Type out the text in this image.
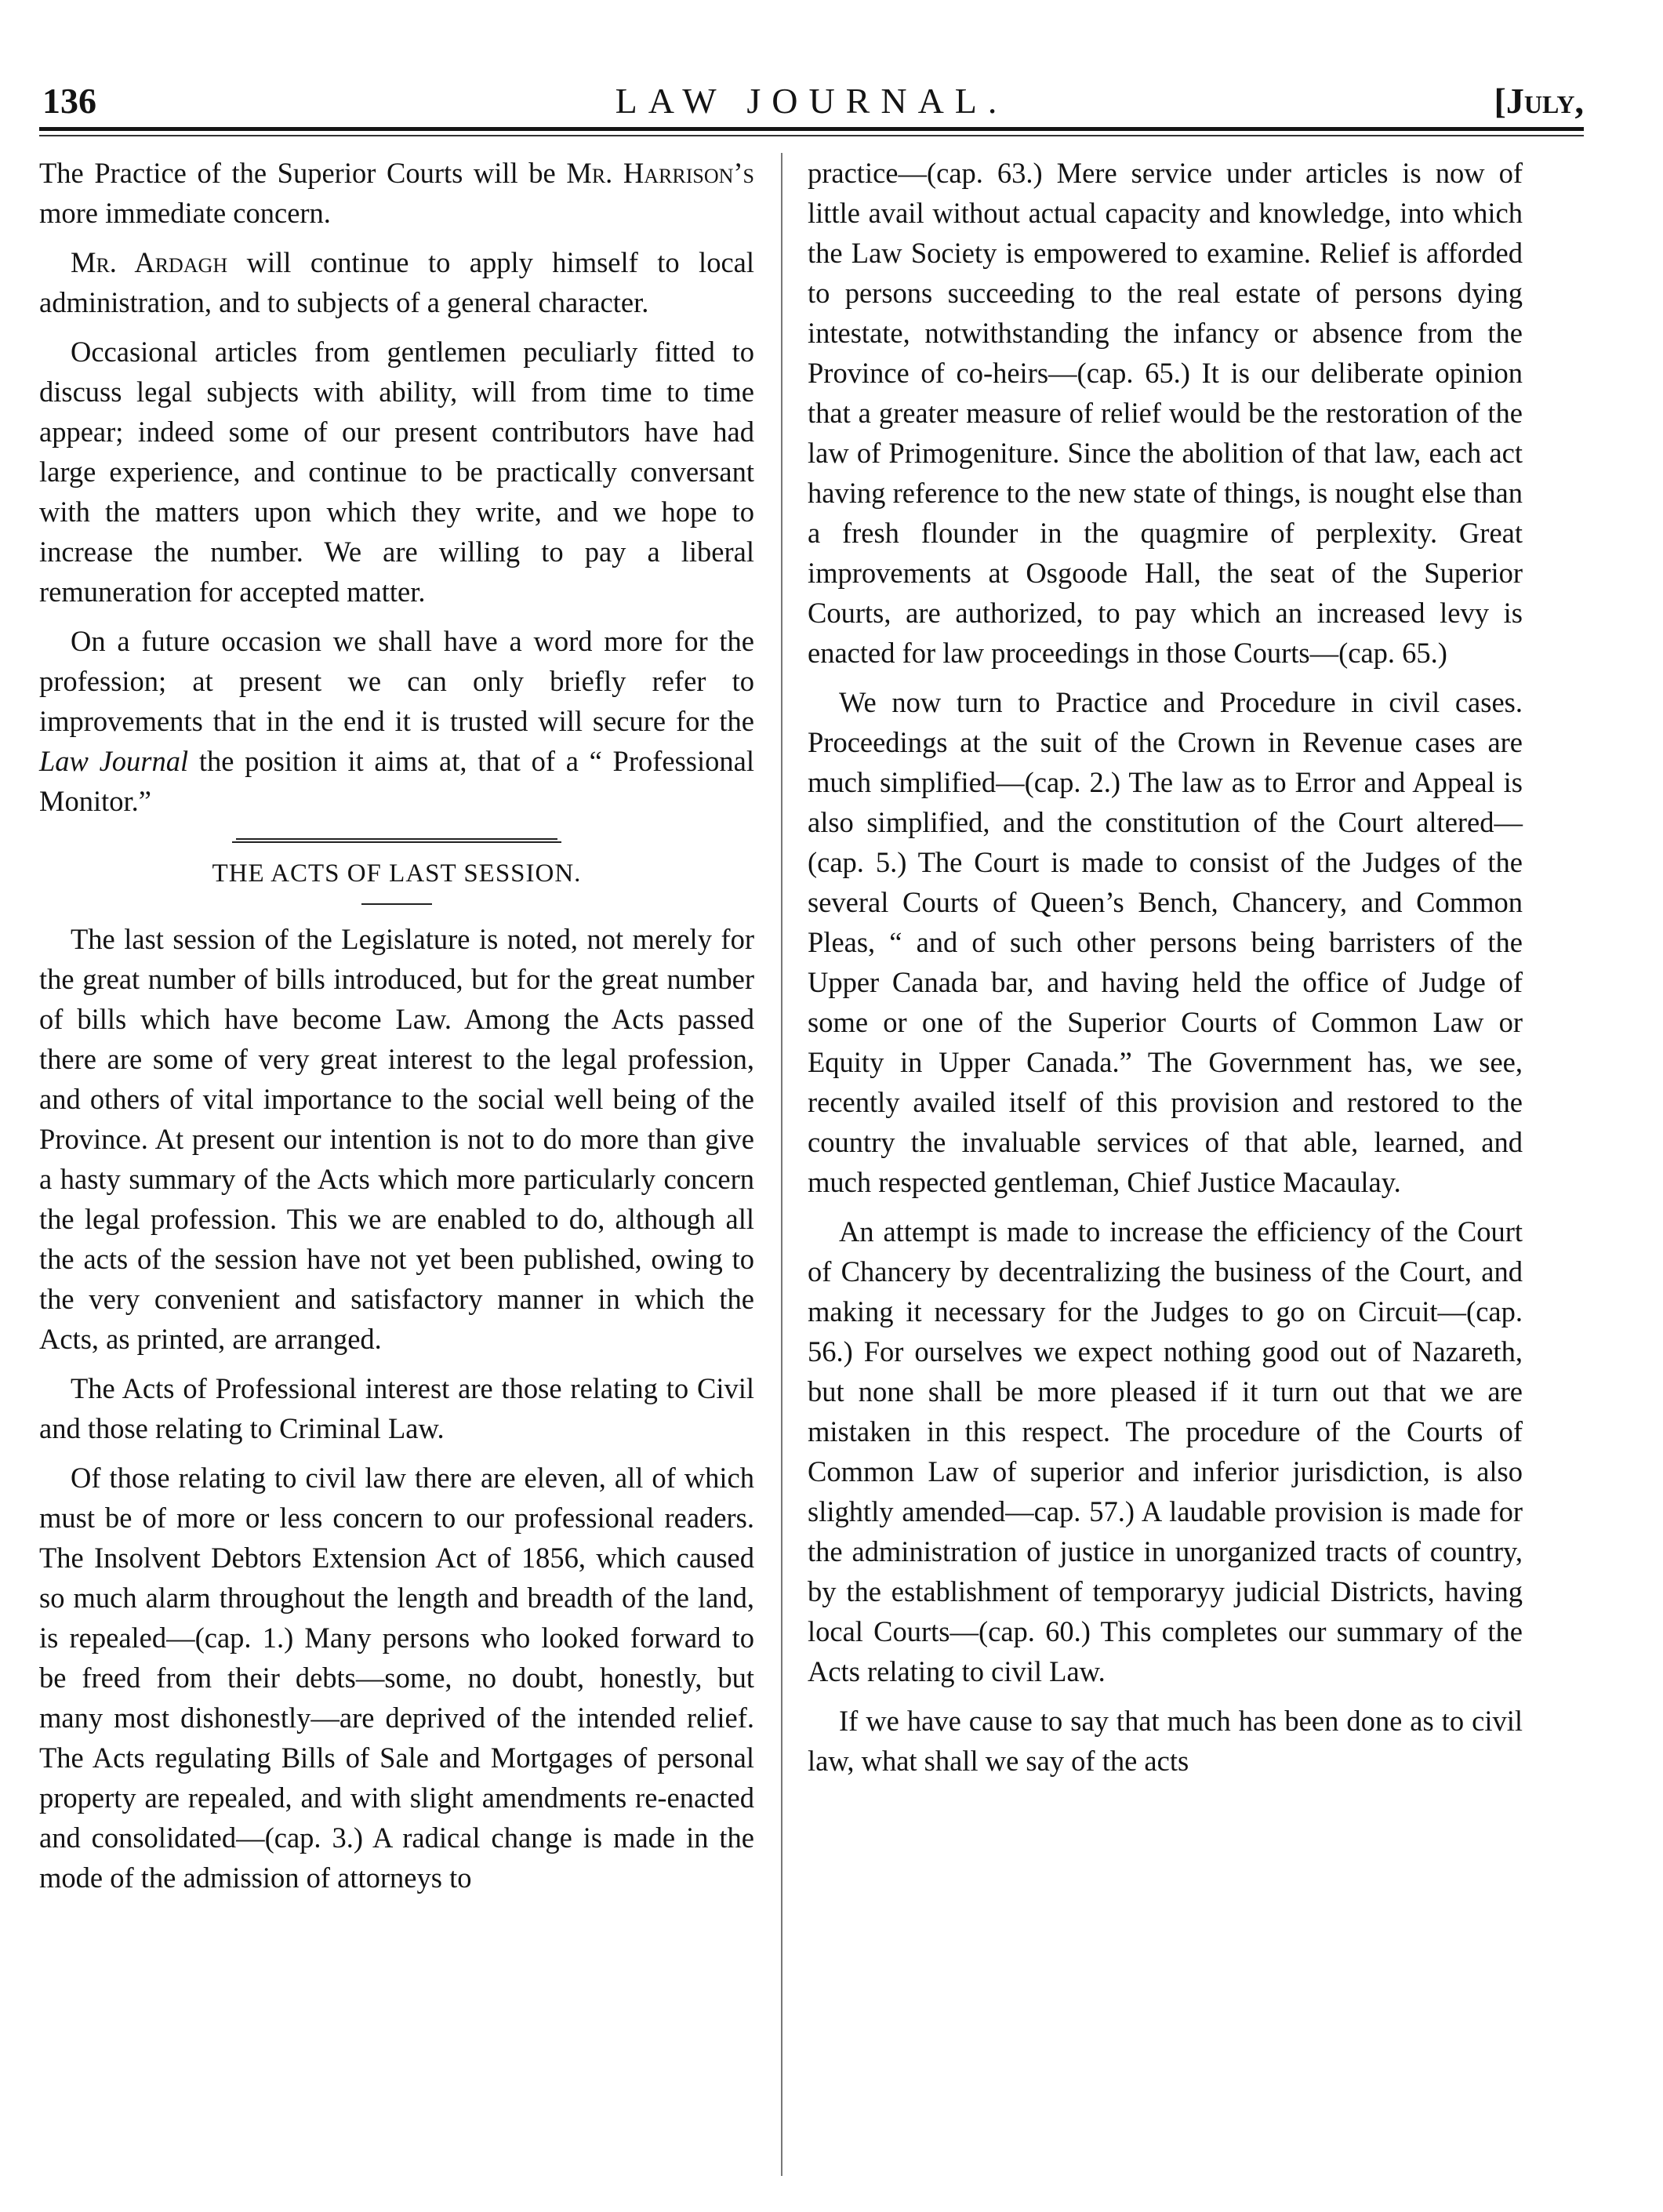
136	LAW JOURNAL.	[July,

The Practice of the Superior Courts will be Mr. Harrison’s more immediate concern.

Mr. Ardagh will continue to apply himself to local administration, and to subjects of a general character.

Occasional articles from gentlemen peculiarly fitted to discuss legal subjects with ability, will from time to time appear; indeed some of our present contributors have had large experience, and continue to be practically conversant with the matters upon which they write, and we hope to increase the number. We are willing to pay a liberal remuneration for accepted matter.

On a future occasion we shall have a word more for the profession; at present we can only briefly refer to improvements that in the end it is trusted will secure for the Law Journal the position it aims at, that of a “ Professional Monitor.”

THE ACTS OF LAST SESSION.

The last session of the Legislature is noted, not merely for the great number of bills introduced, but for the great number of bills which have become Law. Among the Acts passed there are some of very great interest to the legal profession, and others of vital importance to the social well being of the Province. At present our intention is not to do more than give a hasty summary of the Acts which more particularly concern the legal profession. This we are enabled to do, although all the acts of the session have not yet been published, owing to the very convenient and satisfactory manner in which the Acts, as printed, are arranged.

The Acts of Professional interest are those relating to Civil and those relating to Criminal Law.

Of those relating to civil law there are eleven, all of which must be of more or less concern to our professional readers. The Insolvent Debtors Extension Act of 1856, which caused so much alarm throughout the length and breadth of the land, is repealed—(cap. 1.) Many persons who looked forward to be freed from their debts—some, no doubt, honestly, but many most dishonestly—are deprived of the intended relief. The Acts regulating Bills of Sale and Mortgages of personal property are repealed, and with slight amendments re-enacted and consolidated—(cap. 3.) A radical change is made in the mode of the admission of attorneys to

practice—(cap. 63.) Mere service under articles is now of little avail without actual capacity and knowledge, into which the Law Society is empowered to examine. Relief is afforded to persons succeeding to the real estate of persons dying intestate, notwithstanding the infancy or absence from the Province of co-heirs—(cap. 65.) It is our deliberate opinion that a greater measure of relief would be the restoration of the law of Primogeniture. Since the abolition of that law, each act having reference to the new state of things, is nought else than a fresh flounder in the quagmire of perplexity. Great improvements at Osgoode Hall, the seat of the Superior Courts, are authorized, to pay which an increased levy is enacted for law proceedings in those Courts—(cap. 65.)

We now turn to Practice and Procedure in civil cases. Proceedings at the suit of the Crown in Revenue cases are much simplified—(cap. 2.) The law as to Error and Appeal is also simplified, and the constitution of the Court altered—(cap. 5.) The Court is made to consist of the Judges of the several Courts of Queen’s Bench, Chancery, and Common Pleas, “ and of such other persons being barristers of the Upper Canada bar, and having held the office of Judge of some or one of the Superior Courts of Common Law or Equity in Upper Canada.” The Government has, we see, recently availed itself of this provision and restored to the country the invaluable services of that able, learned, and much respected gentleman, Chief Justice Macaulay.

An attempt is made to increase the efficiency of the Court of Chancery by decentralizing the business of the Court, and making it necessary for the Judges to go on Circuit—(cap. 56.) For ourselves we expect nothing good out of Nazareth, but none shall be more pleased if it turn out that we are mistaken in this respect. The procedure of the Courts of Common Law of superior and inferior jurisdiction, is also slightly amended—cap. 57.) A laudable provision is made for the administration of justice in unorganized tracts of country, by the establishment of temporaryy judicial Districts, having local Courts—(cap. 60.) This completes our summary of the Acts relating to civil Law.

If we have cause to say that much has been done as to civil law, what shall we say of the acts
